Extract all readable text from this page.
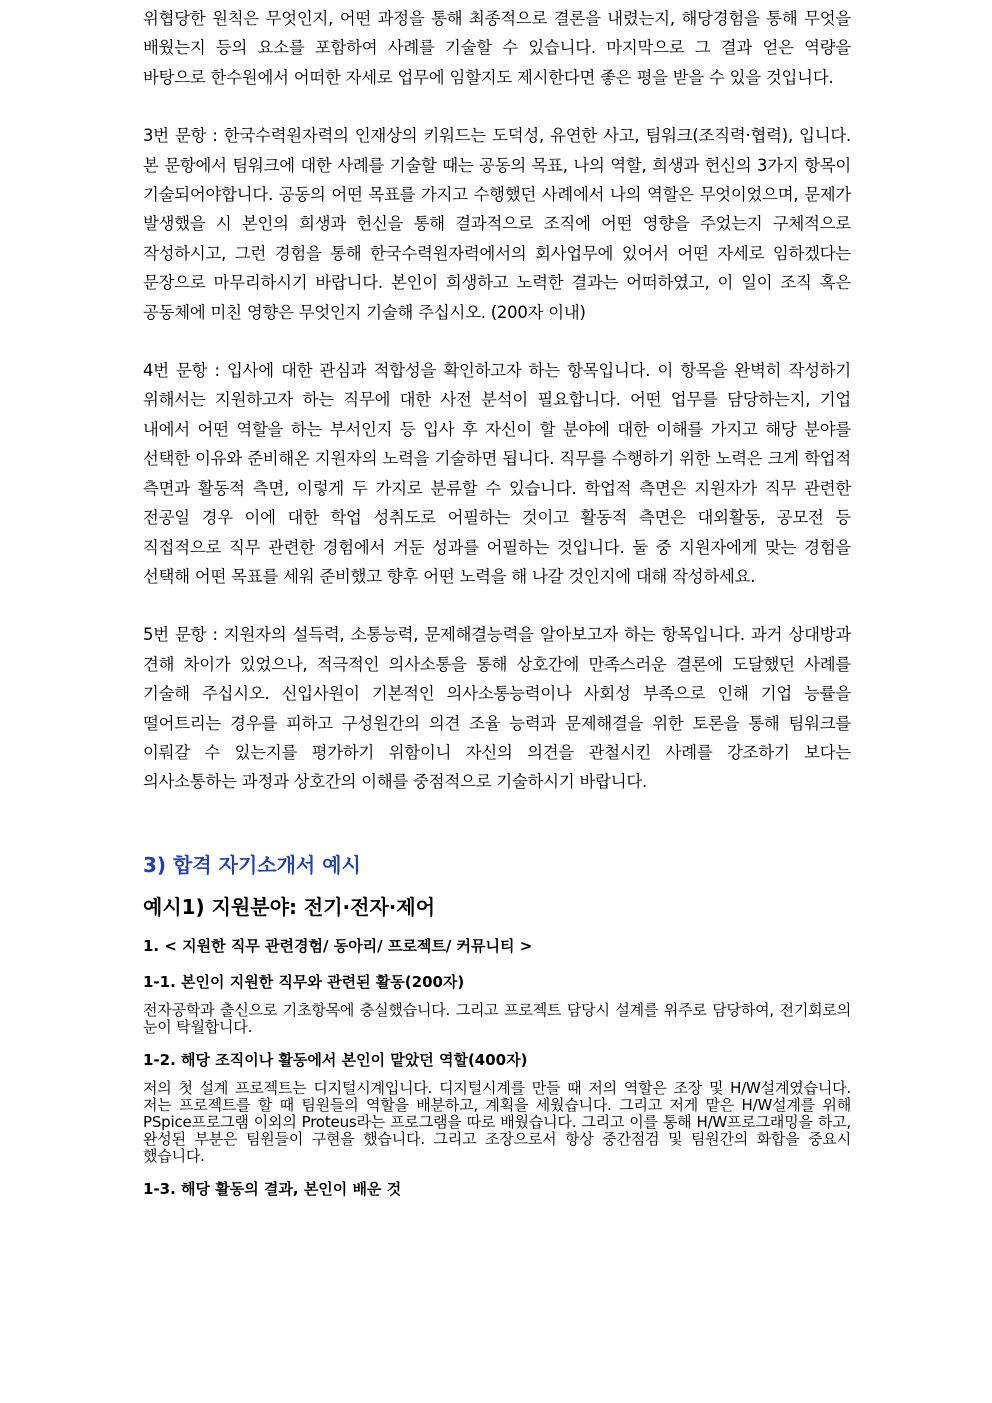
위협당한 원칙은 무엇인지, 어떤 과정을 통해 최종적으로 결론을 내렸는지, 해당경험을 통해 무엇을 배웠는지 등의 요소를 포함하여 사례를 기술할 수 있습니다. 마지막으로 그 결과 얻은 역량을 바탕으로 한수원에서 어떠한 자세로 업무에 임할지도 제시한다면 좋은 평을 받을 수 있을 것입니다.

3번 문항 : 한국수력원자력의 인재상의 키워드는 도덕성, 유연한 사고, 팀워크(조직력·협력), 입니다. 본 문항에서 팀워크에 대한 사례를 기술할 때는 공동의 목표, 나의 역할, 희생과 헌신의 3가지 항목이 기술되어야합니다. 공동의 어떤 목표를 가지고 수행했던 사례에서 나의 역할은 무엇이었으며, 문제가 발생했을 시 본인의 희생과 헌신을 통해 결과적으로 조직에 어떤 영향을 주었는지 구체적으로 작성하시고, 그런 경험을 통해 한국수력원자력에서의 회사업무에 있어서 어떤 자세로 임하겠다는 문장으로 마무리하시기 바랍니다. 본인이 희생하고 노력한 결과는 어떠하였고, 이 일이 조직 혹은 공동체에 미친 영향은 무엇인지 기술해 주십시오. (200자 이내)

4번 문항 : 입사에 대한 관심과 적합성을 확인하고자 하는 항목입니다. 이 항목을 완벽히 작성하기 위해서는 지원하고자 하는 직무에 대한 사전 분석이 필요합니다. 어떤 업무를 담당하는지, 기업 내에서 어떤 역할을 하는 부서인지 등 입사 후 자신이 할 분야에 대한 이해를 가지고 해당 분야를 선택한 이유와 준비해온 지원자의 노력을 기술하면 됩니다. 직무를 수행하기 위한 노력은 크게 학업적 측면과 활동적 측면, 이렇게 두 가지로 분류할 수 있습니다. 학업적 측면은 지원자가 직무 관련한 전공일 경우 이에 대한 학업 성취도로 어필하는 것이고 활동적 측면은 대외활동, 공모전 등 직접적으로 직무 관련한 경험에서 거둔 성과를 어필하는 것입니다. 둘 중 지원자에게 맞는 경험을 선택해 어떤 목표를 세워 준비했고 향후 어떤 노력을 해 나갈 것인지에 대해 작성하세요.

5번 문항 : 지원자의 설득력, 소통능력, 문제해결능력을 알아보고자 하는 항목입니다. 과거 상대방과 견해 차이가 있었으나, 적극적인 의사소통을 통해 상호간에 만족스러운 결론에 도달했던 사례를 기술해 주십시오. 신입사원이 기본적인 의사소통능력이나 사회성 부족으로 인해 기업 능률을 떨어트리는 경우를 피하고 구성원간의 의견 조율 능력과 문제해결을 위한 토론을 통해 팀워크를 이뤄갈 수 있는지를 평가하기 위함이니 자신의 의견을 관철시킨 사례를 강조하기 보다는 의사소통하는 과정과 상호간의 이해를 중점적으로 기술하시기 바랍니다.

3) 합격 자기소개서 예시
예시1) 지원분야: 전기·전자·제어
1. < 지원한 직무 관련경험/ 동아리/ 프로젝트/ 커뮤니티 >
1-1. 본인이 지원한 직무와 관련된 활동(200자)

전자공학과 출신으로 기초항목에 충실했습니다. 그리고 프로젝트 담당시 설계를 위주로 담당하여, 전기회로의 눈이 탁월합니다.

1-2. 해당 조직이나 활동에서 본인이 맡았던 역할(400자)

저의 첫 설계 프로젝트는 디지털시계입니다. 디지털시계를 만들 때 저의 역할은 조장 및 H/W설계였습니다. 저는 프로젝트를 할 때 팀원들의 역할을 배분하고, 계획을 세웠습니다. 그리고 저게 맡은 H/W설계를 위해 PSpice프로그램 이외의 Proteus라는 프로그램을 따로 배웠습니다. 그리고 이를 통해 H/W프로그래밍을 하고, 완성된 부분은 팀원들이 구현을 했습니다. 그리고 조장으로서 항상 중간점검 및 팀원간의 화합을 중요시 했습니다.

1-3. 해당 활동의 결과, 본인이 배운 것
